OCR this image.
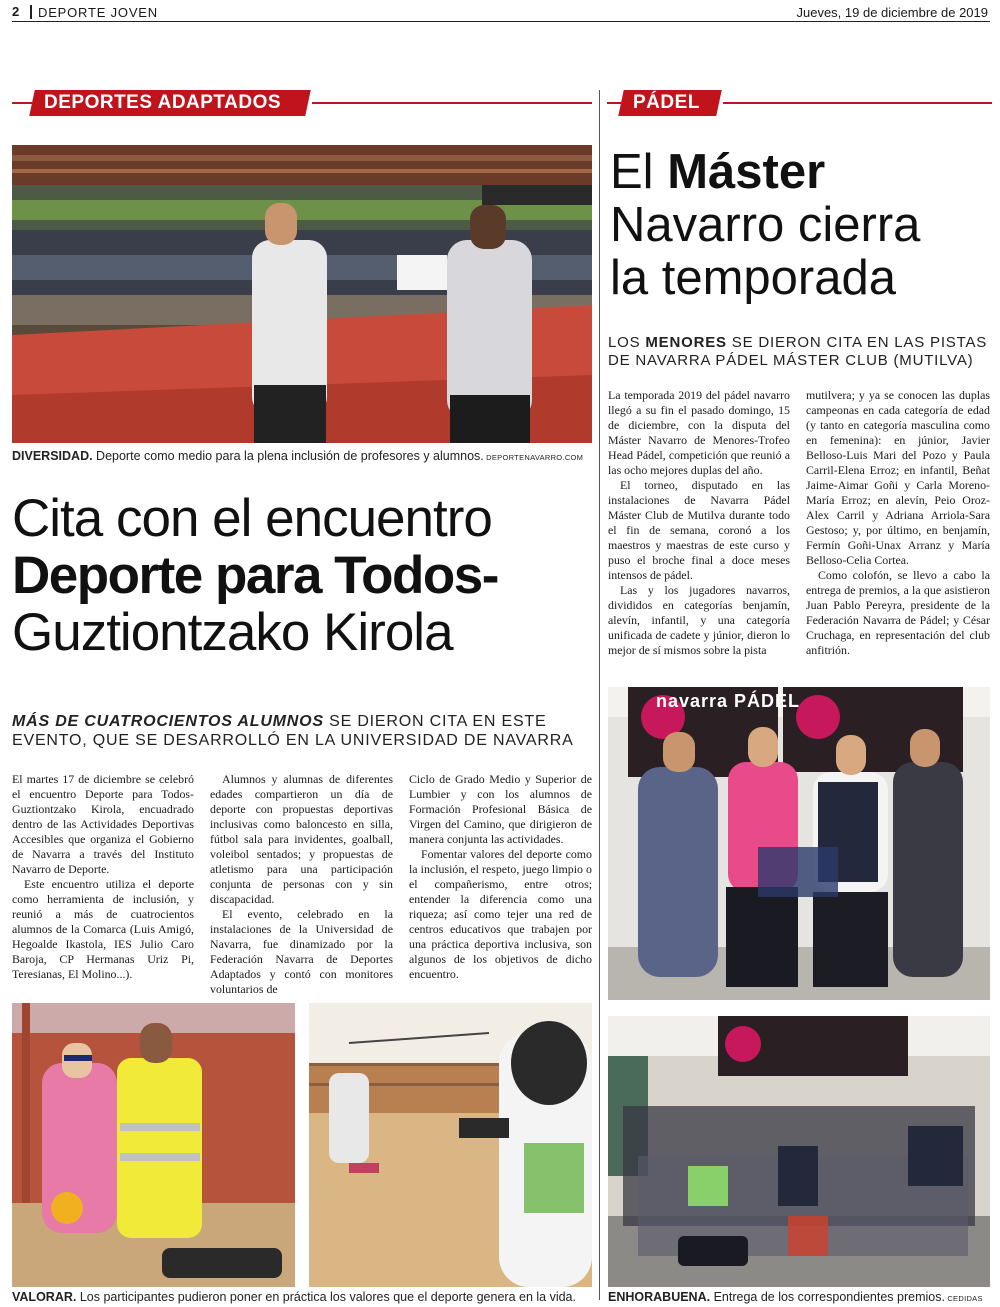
2 DEPORTE JOVEN	Jueves, 19 de diciembre de 2019
DEPORTES ADAPTADOS	PÁDEL
DIVERSIDAD. Deporte como medio para la plena inclusión de profesores y alumnos. DEPORTENAVARRO.COM
Cita con el encuentro
Deporte para Todos-
Guztiontzako Kirola
MÁS DE CUATROCIENTOS ALUMNOS SE DIERON CITA EN ESTE
EVENTO, QUE SE DESARROLLÓ EN LA UNIVERSIDAD DE NAVARRA

El martes 17 de diciembre se celebró el encuentro Deporte para Todos-Guztiontzako Kirola, encuadrado dentro de las Actividades Deportivas Accesibles que organiza el Gobierno de Navarra a través del Instituto Navarro de Deporte.

Este encuentro utiliza el deporte como herramienta de inclusión, y reunió a más de cuatrocientos alumnos de la Comarca (Luis Amigó, Hegoalde Ikastola, IES Julio Caro Baroja, CP Hermanas Uriz Pi, Teresianas, El Molino...).

Alumnos y alumnas de diferentes edades compartieron un día de deporte con propuestas deportivas inclusivas como baloncesto en silla, fútbol sala para invidentes, goalball, voleibol sentados; y propuestas de atletismo para una participación conjunta de personas con y sin discapacidad.

El evento, celebrado en la instalaciones de la Universidad de Navarra, fue dinamizado por la Federación Navarra de Deportes Adaptados y contó con monitores voluntarios de

Ciclo de Grado Medio y Superior de Lumbier y con los alumnos de Formación Profesional Básica de Virgen del Camino, que dirigieron de manera conjunta las actividades.

Fomentar valores del deporte como la inclusión, el respeto, juego limpio o el compañerismo, entre otros; entender la diferencia como una riqueza; así como tejer una red de centros educativos que trabajen por una práctica deportiva inclusiva, son algunos de los objetivos de dicho encuentro.

VALORAR. Los participantes pudieron poner en práctica los valores que el deporte genera en la vida.
El Máster
Navarro cierra
la temporada
LOS MENORES SE DIERON CITA EN LAS PISTAS
DE NAVARRA PÁDEL MÁSTER CLUB (MUTILVA)

La temporada 2019 del pádel navarro llegó a su fin el pasado domingo, 15 de diciembre, con la disputa del Máster Navarro de Menores-Trofeo Head Pádel, competición que reunió a las ocho mejores duplas del año.

El torneo, disputado en las instalaciones de Navarra Pádel Máster Club de Mutilva durante todo el fin de semana, coronó a los maestros y maestras de este curso y puso el broche final a doce meses intensos de pádel.

Las y los jugadores navarros, divididos en categorías benjamín, alevín, infantil, y una categoría unificada de cadete y júnior, dieron lo mejor de sí mismos sobre la pista

mutilvera; y ya se conocen las duplas campeonas en cada categoría de edad (y tanto en categoría masculina como en femenina): en júnior, Javier Belloso-Luis Mari del Pozo y Paula Carril-Elena Erroz; en infantil, Beñat Jaime-Aimar Goñi y Carla Moreno-María Erroz; en alevín, Peio Oroz-Alex Carril y Adriana Arriola-Sara Gestoso; y, por último, en benjamín, Fermín Goñi-Unax Arranz y María Belloso-Celia Cortea.

Como colofón, se llevo a cabo la entrega de premios, a la que asistieron Juan Pablo Pereyra, presidente de la Federación Navarra de Pádel; y César Cruchaga, en representación del club anfitrión.

navarra PÁDEL
ENHORABUENA. Entrega de los correspondientes premios. CEDIDAS
